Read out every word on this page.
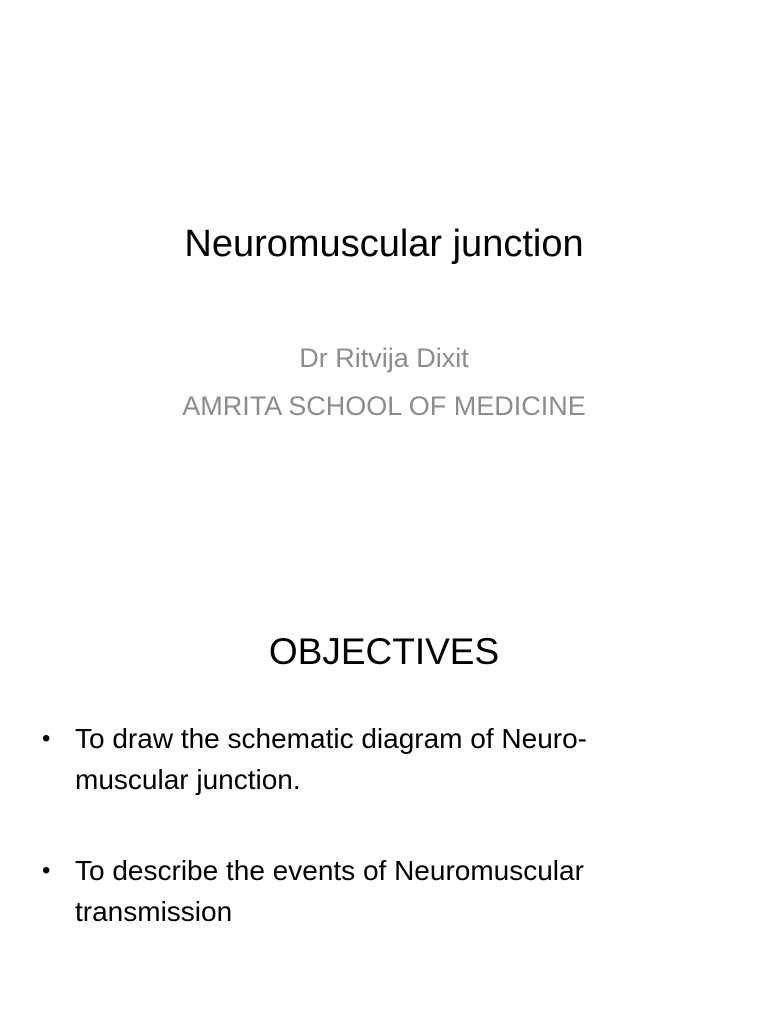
Neuromuscular junction
Dr Ritvija Dixit
AMRITA SCHOOL OF MEDICINE
OBJECTIVES
• To draw the schematic diagram of Neuro-
muscular junction.
• To describe the events of Neuromuscular
transmission
